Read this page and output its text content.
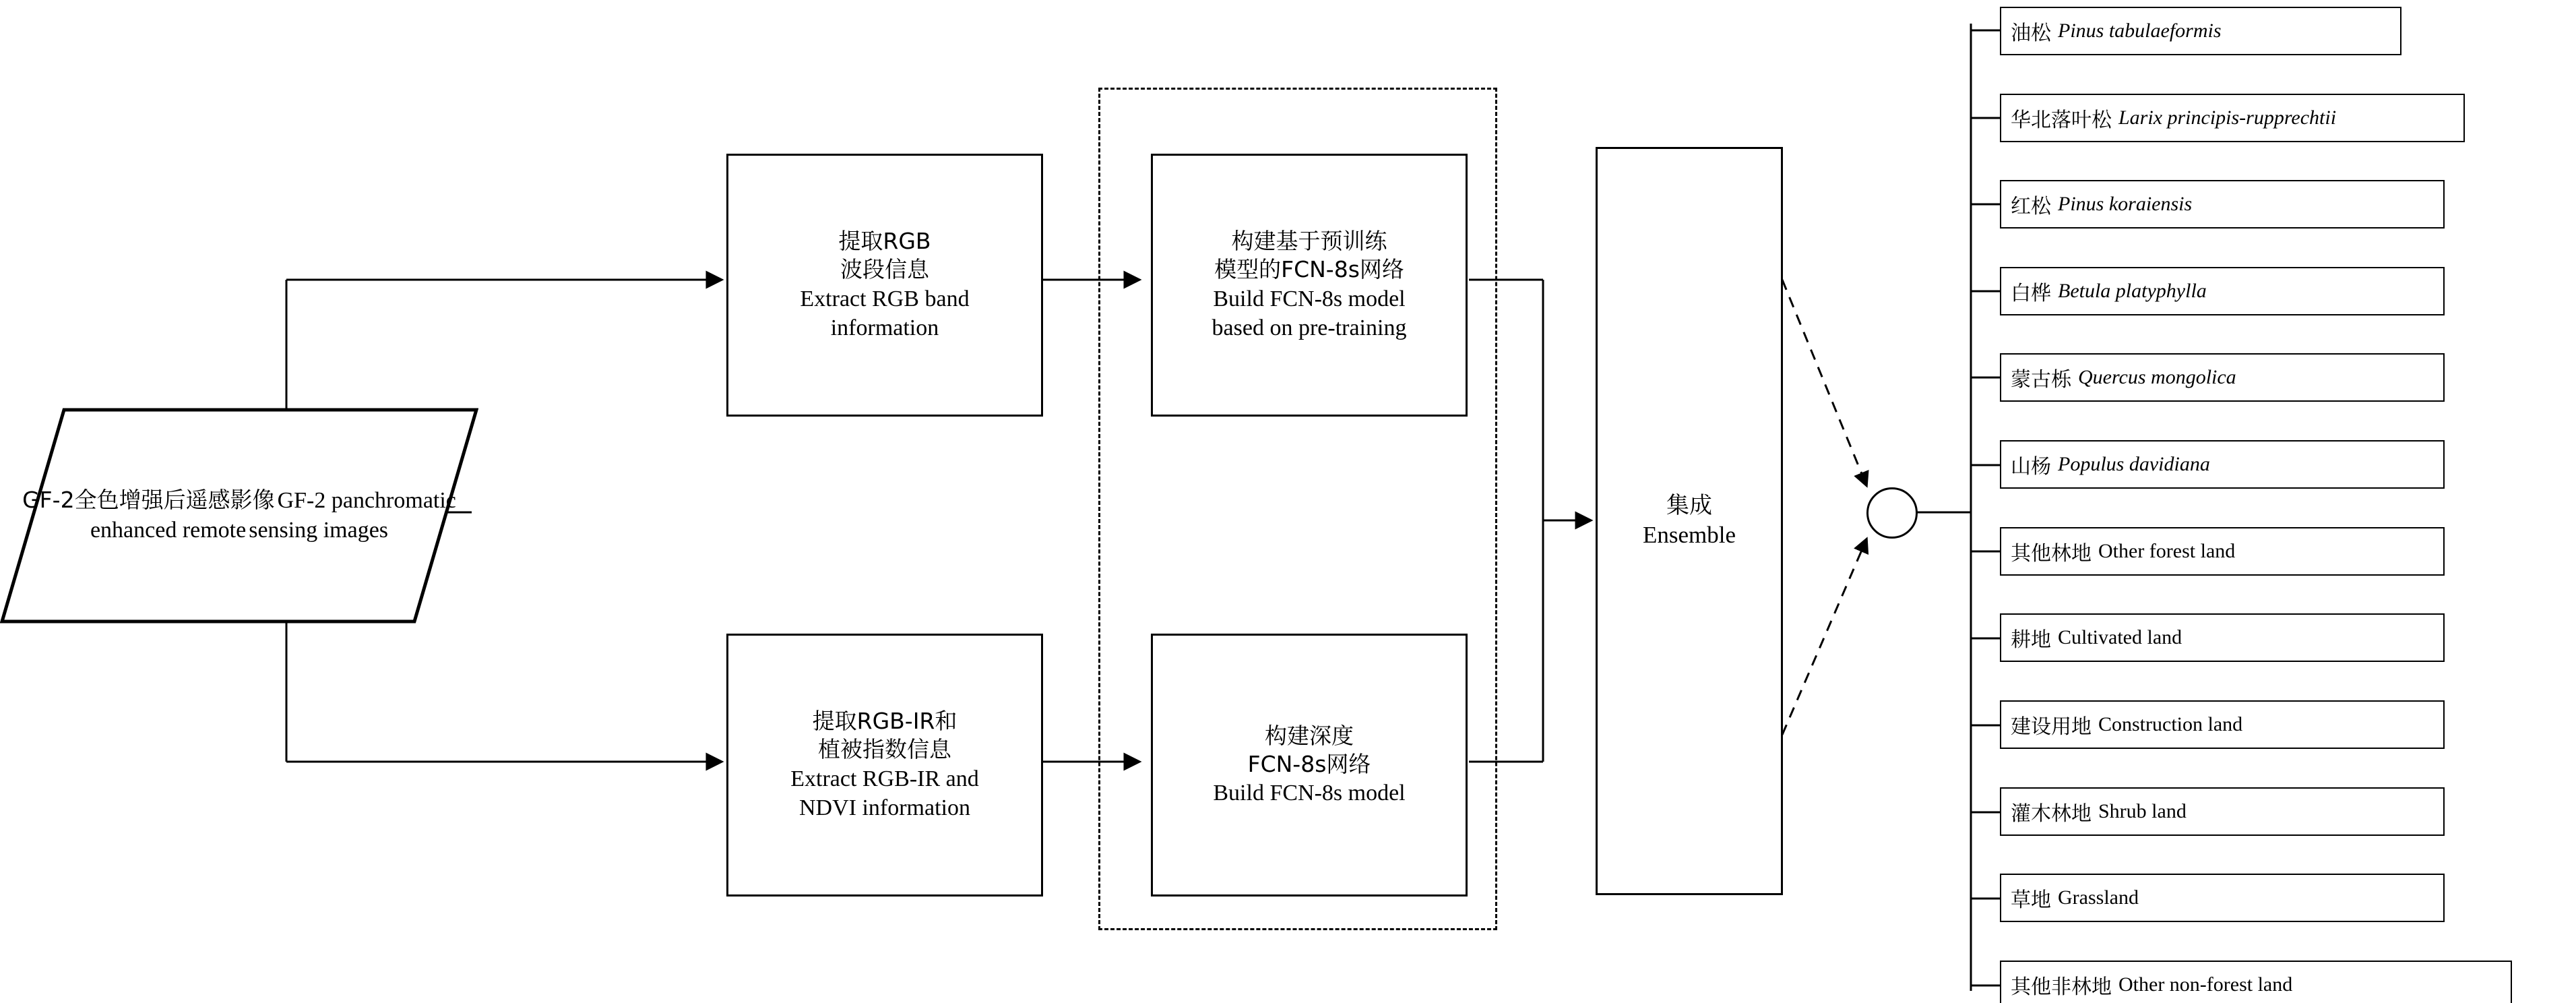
GF-2全色增强后遥感影像 GF-2 panchromatic enhanced remote sensing images
提取RGB
波段信息
Extract RGB band
information
提取RGB-IR和
植被指数信息
Extract RGB-IR and
NDVI information
构建基于预训练
模型的FCN-8s网络
Build FCN-8s model
based on pre-training
构建深度
FCN-8s网络
Build FCN-8s model
集成
Ensemble
油松 Pinus tabulaeformis
华北落叶松 Larix principis-rupprechtii
红松 Pinus koraiensis
白桦 Betula platyphylla
蒙古栎 Quercus mongolica
山杨 Populus davidiana
其他林地 Other forest land
耕地 Cultivated land
建设用地 Construction land
灌木林地 Shrub land
草地 Grassland
其他非林地 Other non-forest land
